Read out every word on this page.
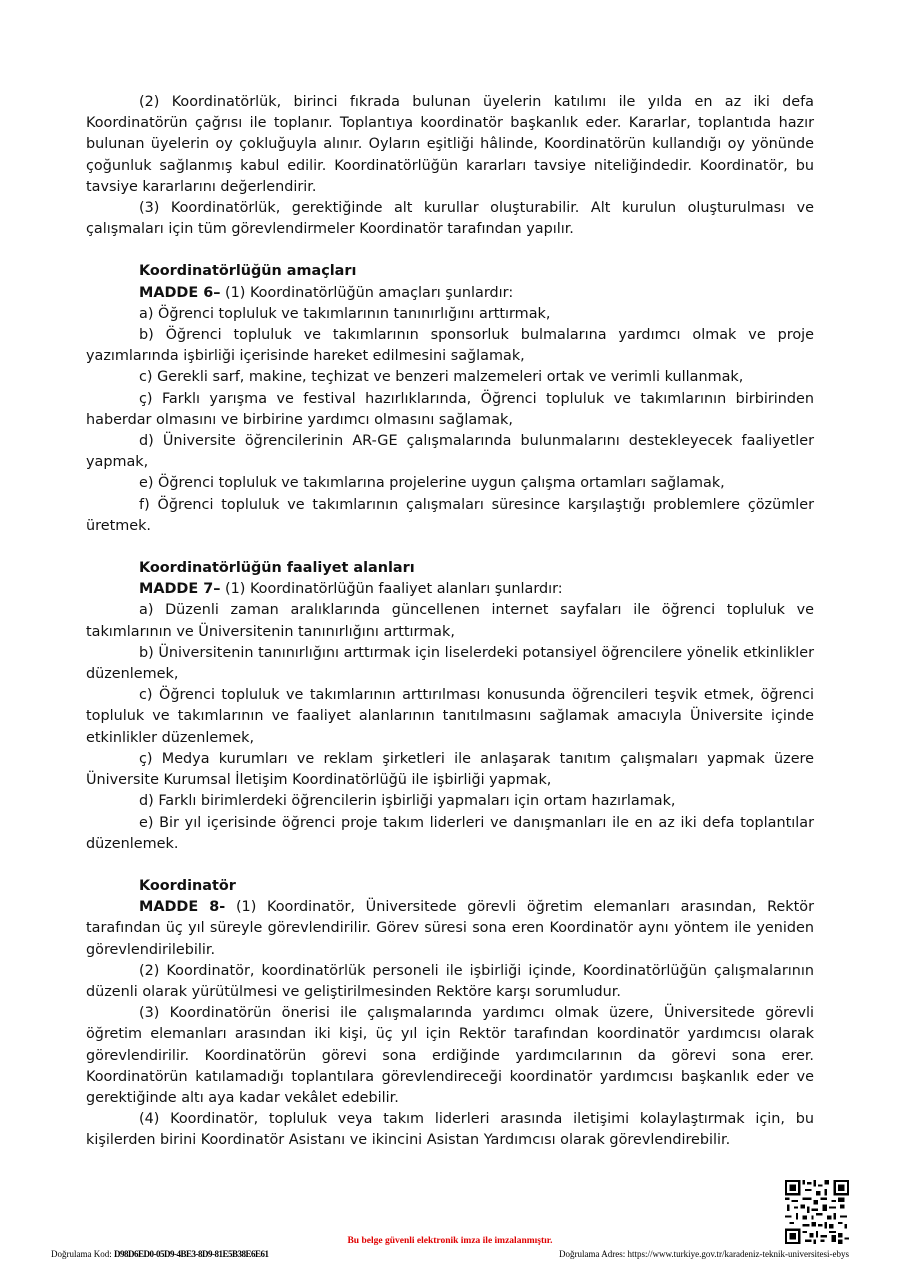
(2) Koordinatörlük, birinci fıkrada bulunan üyelerin katılımı ile yılda en az iki defa Koordinatörün çağrısı ile toplanır. Toplantıya koordinatör başkanlık eder. Kararlar, toplantıda hazır bulunan üyelerin oy çokluğuyla alınır. Oyların eşitliği hâlinde, Koordinatörün kullandığı oy yönünde çoğunluk sağlanmış kabul edilir. Koordinatörlüğün kararları tavsiye niteliğindedir. Koordinatör, bu tavsiye kararlarını değerlendirir.

(3) Koordinatörlük, gerektiğinde alt kurullar oluşturabilir. Alt kurulun oluşturulması ve çalışmaları için tüm görevlendirmeler Koordinatör tarafından yapılır.

Koordinatörlüğün amaçları

MADDE 6– (1) Koordinatörlüğün amaçları şunlardır:

a) Öğrenci topluluk ve takımlarının tanınırlığını arttırmak,

b) Öğrenci topluluk ve takımlarının sponsorluk bulmalarına yardımcı olmak ve proje yazımlarında işbirliği içerisinde hareket edilmesini sağlamak,

c) Gerekli sarf, makine, teçhizat ve benzeri malzemeleri ortak ve verimli kullanmak,

ç) Farklı yarışma ve festival hazırlıklarında, Öğrenci topluluk ve takımlarının birbirinden haberdar olmasını ve birbirine yardımcı olmasını sağlamak,

d) Üniversite öğrencilerinin AR-GE çalışmalarında bulunmalarını destekleyecek faaliyetler yapmak,

e) Öğrenci topluluk ve takımlarına projelerine uygun çalışma ortamları sağlamak,

f) Öğrenci topluluk ve takımlarının çalışmaları süresince karşılaştığı problemlere çözümler üretmek.

Koordinatörlüğün faaliyet alanları

MADDE 7– (1) Koordinatörlüğün faaliyet alanları şunlardır:

a) Düzenli zaman aralıklarında güncellenen internet sayfaları ile öğrenci topluluk ve takımlarının ve Üniversitenin tanınırlığını arttırmak,

b) Üniversitenin tanınırlığını arttırmak için liselerdeki potansiyel öğrencilere yönelik etkinlikler düzenlemek,

c) Öğrenci topluluk ve takımlarının arttırılması konusunda öğrencileri teşvik etmek, öğrenci topluluk ve takımlarının ve faaliyet alanlarının tanıtılmasını sağlamak amacıyla Üniversite içinde etkinlikler düzenlemek,

ç) Medya kurumları ve reklam şirketleri ile anlaşarak tanıtım çalışmaları yapmak üzere Üniversite Kurumsal İletişim Koordinatörlüğü ile işbirliği yapmak,

d) Farklı birimlerdeki öğrencilerin işbirliği yapmaları için ortam hazırlamak,

e) Bir yıl içerisinde öğrenci proje takım liderleri ve danışmanları ile en az iki defa toplantılar düzenlemek.

Koordinatör

MADDE 8- (1) Koordinatör, Üniversitede görevli öğretim elemanları arasından, Rektör tarafından üç yıl süreyle görevlendirilir. Görev süresi sona eren Koordinatör aynı yöntem ile yeniden görevlendirilebilir.

(2) Koordinatör, koordinatörlük personeli ile işbirliği içinde, Koordinatörlüğün çalışmalarının düzenli olarak yürütülmesi ve geliştirilmesinden Rektöre karşı sorumludur.

(3) Koordinatörün önerisi ile çalışmalarında yardımcı olmak üzere, Üniversitede görevli öğretim elemanları arasından iki kişi, üç yıl için Rektör tarafından koordinatör yardımcısı olarak görevlendirilir. Koordinatörün görevi sona erdiğinde yardımcılarının da görevi sona erer. Koordinatörün katılamadığı toplantılara görevlendireceği koordinatör yardımcısı başkanlık eder ve gerektiğinde altı aya kadar vekâlet edebilir.

(4) Koordinatör, topluluk veya takım liderleri arasında iletişimi kolaylaştırmak için, bu kişilerden birini Koordinatör Asistanı ve ikincini Asistan Yardımcısı olarak görevlendirebilir.

Bu belge güvenli elektronik imza ile imzalanmıştır.
Doğrulama Kod: D98D6ED0-05D9-4BE3-8D9-81E5B38E6E61	Doğrulama Adres: https://www.turkiye.gov.tr/karadeniz-teknik-universitesi-ebys
